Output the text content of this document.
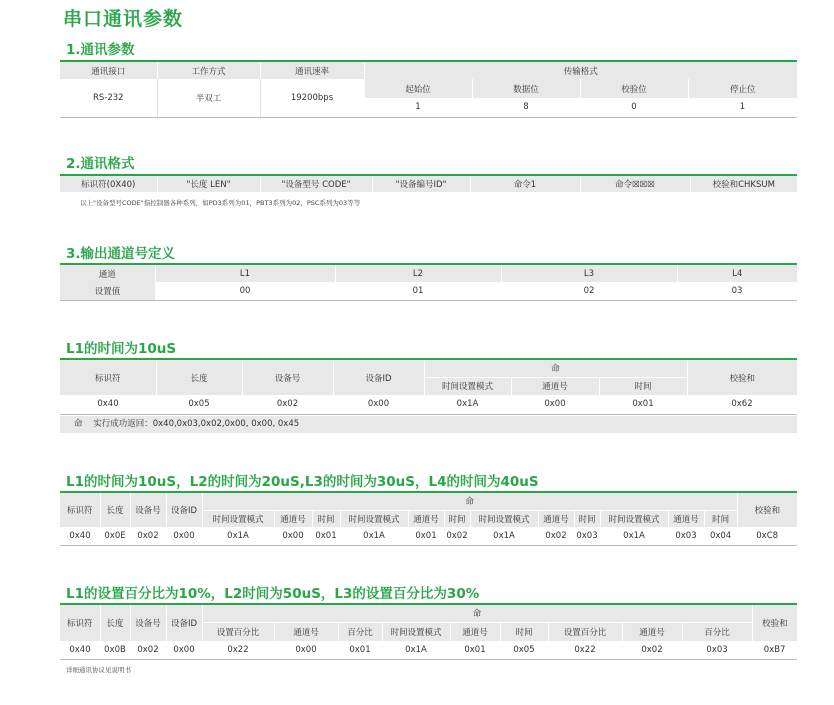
串口通讯参数
1.通讯参数
通讯接口	工作方式	通讯速率	传输格式			
RS-232	半双工	19200bps	起始位	数据位	校验位	停止位
			1	8	0	1
2.通讯格式
标识符(0X40)	"长度 LEN"	"设备型号 CODE"	"设备编号ID"	命令1	命令☒☒☒	校验和CHKSUM
以上"设备型号CODE"指控制器各种系列，如PD3系列为01，PBT3系列为02，PSC系列为03等等
3.输出通道号定义
通道	L1	L2	L3	L4
设置值	00	01	02	03
L1的时间为10uS
标识符	长度	设备号	设备ID	命			校验和
				时间设置模式	通道号	时间	
0x40	0x05	0x02	0x00	0x1A	0x00	0x01	0x62
命 实行成功返回：0x40,0x03,0x02,0x00, 0x00, 0x45
L1的时间为10uS，L2的时间为20uS,L3的时间为30uS，L4的时间为40uS
标识符	长度	设备号	设备ID	命												校验和
				时间设置模式	通道号	时间	时间设置模式	通道号	时间	时间设置模式	通道号	时间	时间设置模式	通道号	时间	
0x40	0x0E	0x02	0x00	0x1A	0x00	0x01	0x1A	0x01	0x02	0x1A	0x02	0x03	0x1A	0x03	0x04	0xC8
L1的设置百分比为10%，L2时间为50uS，L3的设置百分比为30%
标识符	长度	设备号	设备ID	命									校验和
				设置百分比	通道号	百分比	时间设置模式	通道号	时间	设置百分比	通道号	百分比	
0x40	0x0B	0x02	0x00	0x22	0x00	0x01	0x1A	0x01	0x05	0x22	0x02	0x03	0xB7
详细通讯协议见说明书
